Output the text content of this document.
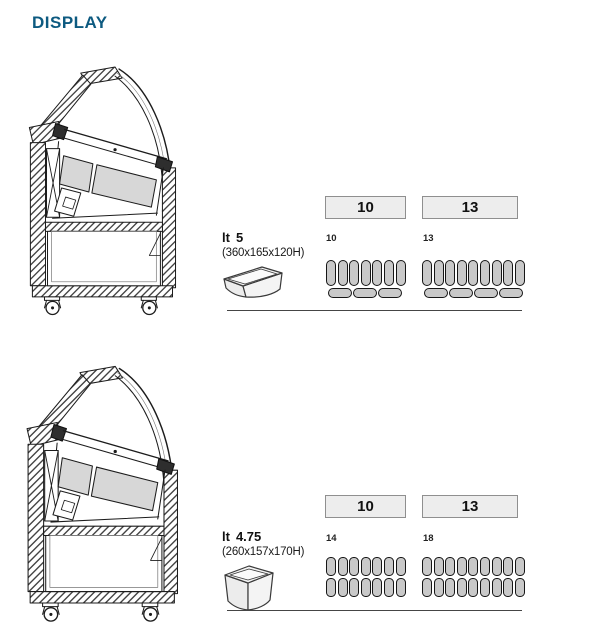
DISPLAY
lt 5
(360x165x120H)
10
10
13
13
lt 4.75
(260x157x170H)
10
14
13
18
